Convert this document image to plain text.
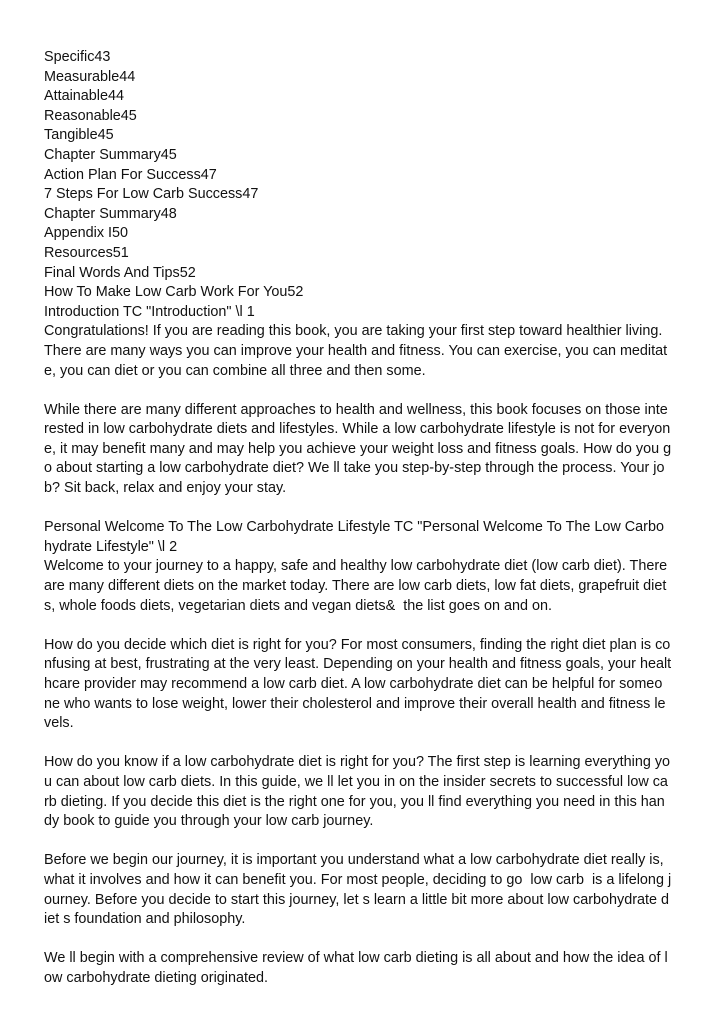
Specific43
Measurable44
Attainable44
Reasonable45
Tangible45
Chapter Summary45
Action Plan For Success47
7 Steps For Low Carb Success47
Chapter Summary48
Appendix I50
Resources51
Final Words And Tips52
How To Make Low Carb Work For You52
Introduction TC "Introduction" \l 1
Congratulations! If you are reading this book, you are taking your first step toward healthier living.
There are many ways you can improve your health and fitness. You can exercise, you can meditat
e, you can diet or you can combine all three and then some.
While there are many different approaches to health and wellness, this book focuses on those inte
rested in low carbohydrate diets and lifestyles. While a low carbohydrate lifestyle is not for everyon
e, it may benefit many and may help you achieve your weight loss and fitness goals. How do you g
o about starting a low carbohydrate diet? We ll take you step-by-step through the process. Your jo
b? Sit back, relax and enjoy your stay.
Personal Welcome To The Low Carbohydrate Lifestyle TC "Personal Welcome To The Low Carbo
hydrate Lifestyle" \l 2
Welcome to your journey to a happy, safe and healthy low carbohydrate diet (low carb diet). There
are many different diets on the market today. There are low carb diets, low fat diets, grapefruit diet
s, whole foods diets, vegetarian diets and vegan diets&  the list goes on and on.
How do you decide which diet is right for you? For most consumers, finding the right diet plan is co
nfusing at best, frustrating at the very least. Depending on your health and fitness goals, your healt
hcare provider may recommend a low carb diet. A low carbohydrate diet can be helpful for someo
ne who wants to lose weight, lower their cholesterol and improve their overall health and fitness le
vels.
How do you know if a low carbohydrate diet is right for you? The first step is learning everything yo
u can about low carb diets. In this guide, we ll let you in on the insider secrets to successful low ca
rb dieting. If you decide this diet is the right one for you, you ll find everything you need in this han
dy book to guide you through your low carb journey.
Before we begin our journey, it is important you understand what a low carbohydrate diet really is,
what it involves and how it can benefit you. For most people, deciding to go  low carb  is a lifelong j
ourney. Before you decide to start this journey, let s learn a little bit more about low carbohydrate d
iet s foundation and philosophy.
We ll begin with a comprehensive review of what low carb dieting is all about and how the idea of l
ow carbohydrate dieting originated.
